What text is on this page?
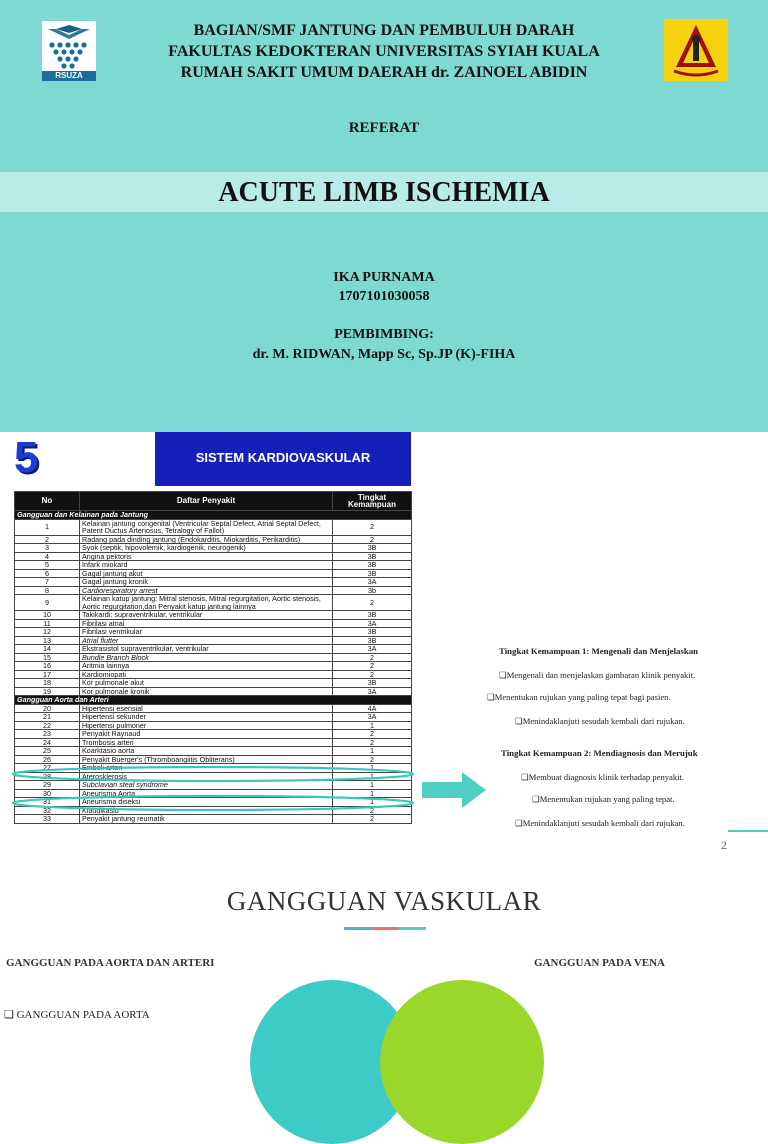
RSUZA
BAGIAN/SMF JANTUNG DAN PEMBULUH DARAH
FAKULTAS KEDOKTERAN UNIVERSITAS SYIAH KUALA
RUMAH SAKIT UMUM DAERAH dr. ZAINOEL ABIDIN
REFERAT
ACUTE LIMB ISCHEMIA
IKA PURNAMA
1707101030058
PEMBIMBING:
dr. M. RIDWAN, Mapp Sc, Sp.JP (K)-FIHA
5	SISTEM KARDIOVASKULAR
No	Daftar Penyakit	Tingkat Kemampuan
Gangguan dan Kelainan pada Jantung		
1	Kelainan jantung congenital (Ventricular Septal Defect, Atrial Septal Defect, Patent Ductus Arteriosus, Tetralogy of Fallot)	2
2	Radang pada dinding jantung (Endokarditis, Miokarditis, Perikarditis)	2
3	Syok (septik, hipovolemik, kardiogenik, neurogenik)	3B
4	Angina pektoris	3B
5	Infark miokard	3B
6	Gagal jantung akut	3B
7	Gagal jantung kronik	3A
8	Cardiorespiratory arrest	3b
9	Kelainan katup jantung: Mitral stenosis, Mitral regurgitation, Aortic stenosis, Aortic regurgitation,dan Penyakit katup jantung lainnya	2
10	Takikardi: supraventrikular, ventrikular	3B
11	Fibrilasi atrial	3A
12	Fibrilasi ventrikular	3B
13	Atrial flutter	3B
14	Ekstrasistol supraventrikular, ventrikular	3A
15	Bundle Branch Block	2
16	Aritmia lainnya	2
17	Kardiomiopati	2
18	Kor pulmonale akut	3B
19	Kor pulmonale kronik	3A
Gangguan Aorta dan Arteri		
20	Hipertensi esensial	4A
21	Hipertensi sekunder	3A
22	Hipertensi pulmoner	1
23	Penyakit Raynaud	2
24	Trombosis arteri	2
25	Koarktasio aorta	1
26	Penyakit Buerger's (Thromboangiitis Obliterans)	2
27	Emboli arteri	1
28	Aterosklerosis	1
29	Subclavian steal syndrome	1
30	Aneurisma Aorta	1
31	Aneurisma diseksi	1
32	Klaudikasio	2
33	Penyakit jantung reumatik	2
Tingkat Kemampuan 1: Mengenali dan Menjelaskan
❑Mengenali dan menjelaskan gambaran klinik penyakit.
❑Menentukan rujukan yang paling tepat bagi pasien.
❑Menindaklanjuti sesudah kembali dari rujukan.
Tingkat Kemampuan 2: Mendiagnosis dan Merujuk
❑Membuat diagnosis klinik terhadap penyakit.
❑Menentukan rujukan yang paling tepat.
❑Menindaklanjuti sesudah kembali dari rujukan.
2
GANGGUAN VASKULAR
GANGGUAN PADA AORTA DAN ARTERI	GANGGUAN PADA VENA
❑ GANGGUAN PADA AORTA
